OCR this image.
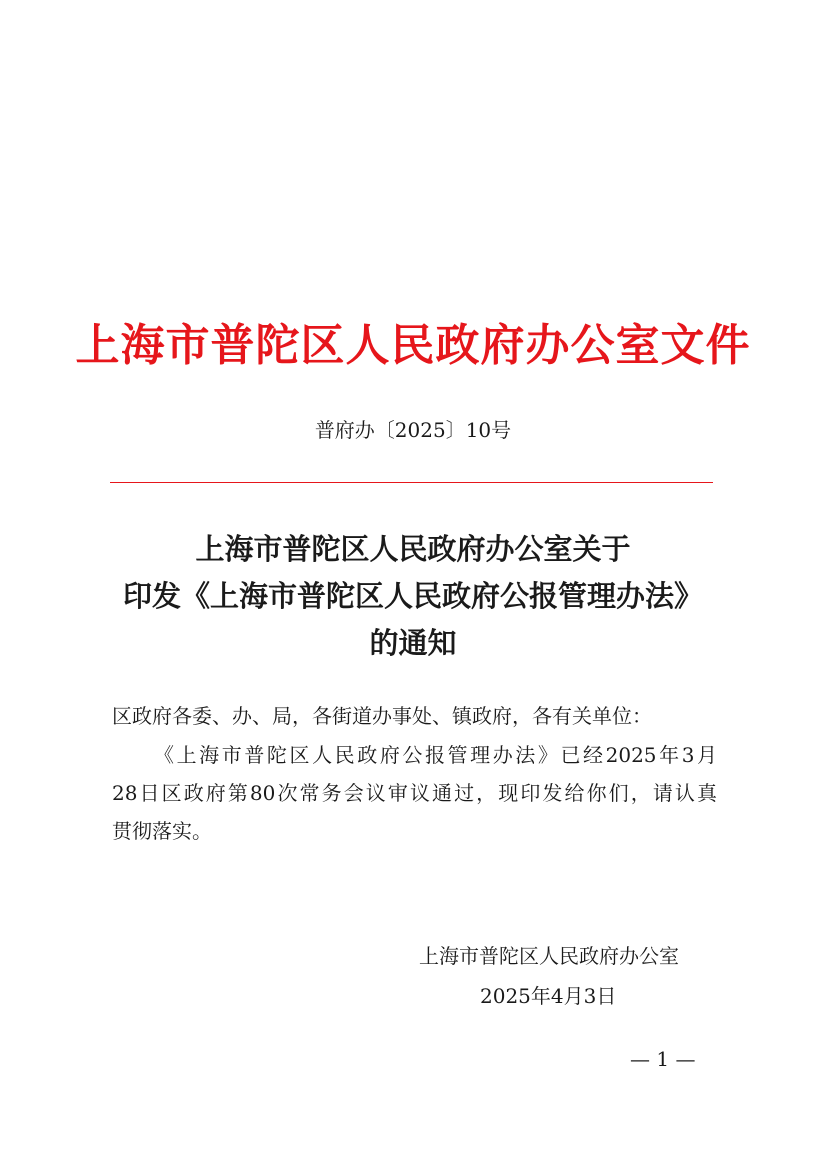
上海市普陀区人民政府办公室文件
普府办〔2025〕10号
上海市普陀区人民政府办公室关于
印发《上海市普陀区人民政府公报管理办法》
的通知
区政府各委、办、局，各街道办事处、镇政府，各有关单位：
《上海市普陀区人民政府公报管理办法》已经2025年3月
28日区政府第80次常务会议审议通过，现印发给你们，请认真
贯彻落实。
上海市普陀区人民政府办公室
2025年4月3日
— 1 —
